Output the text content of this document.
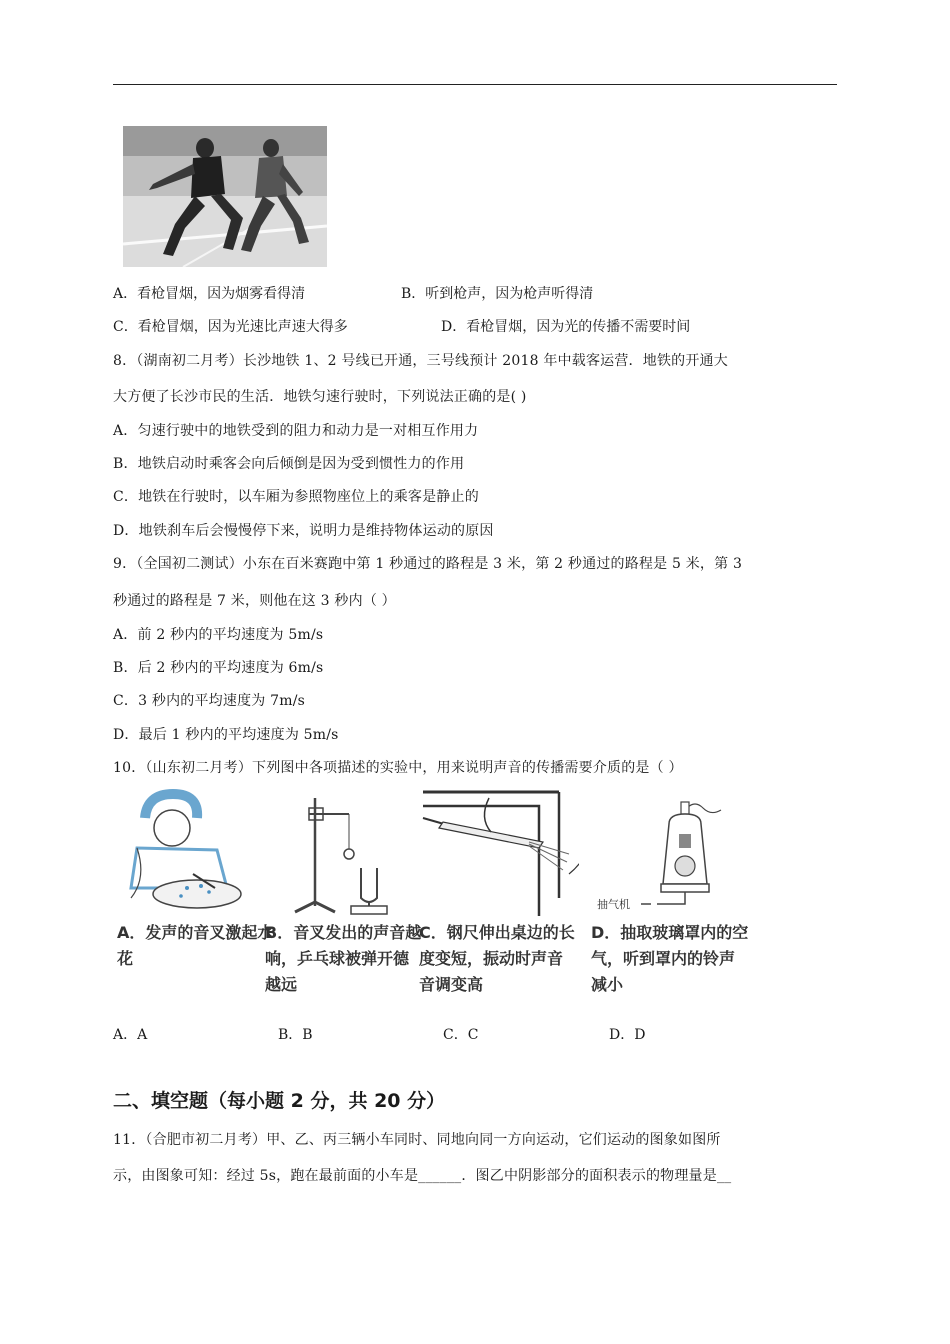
A．看枪冒烟，因为烟雾看得清	B．听到枪声，因为枪声听得清
C．看枪冒烟，因为光速比声速大得多	D．看枪冒烟，因为光的传播不需要时间
8．（湖南初二月考）长沙地铁 1、2 号线已开通，三号线预计 2018 年中载客运营．地铁的开通大
大方便了长沙市民的生活．地铁匀速行驶时，下列说法正确的是( )
A．匀速行驶中的地铁受到的阻力和动力是一对相互作用力
B．地铁启动时乘客会向后倾倒是因为受到惯性力的作用
C．地铁在行驶时，以车厢为参照物座位上的乘客是静止的
D．地铁刹车后会慢慢停下来，说明力是维持物体运动的原因
9．（全国初二测试）小东在百米赛跑中第 1 秒通过的路程是 3 米，第 2 秒通过的路程是 5 米，第 3
秒通过的路程是 7 米，则他在这 3 秒内（ ）
A．前 2 秒内的平均速度为 5m/s
B．后 2 秒内的平均速度为 6m/s
C．3 秒内的平均速度为 7m/s
D．最后 1 秒内的平均速度为 5m/s
10．（山东初二月考）下列图中各项描述的实验中，用来说明声音的传播需要介质的是（ ）
A．发声的音叉激起水花
B．音叉发出的声音越响，乒乓球被弹开德越远
C．钢尺伸出桌边的长度变短，振动时声音音调变高
抽气机
D．抽取玻璃罩内的空气，听到罩内的铃声减小
A．A	B．B	C．C	D．D
二、填空题（每小题 2 分，共 20 分）
11．（合肥市初二月考）甲、乙、丙三辆小车同时、同地向同一方向运动，它们运动的图象如图所
示，由图象可知：经过 5s，跑在最前面的小车是______．图乙中阴影部分的面积表示的物理量是__
